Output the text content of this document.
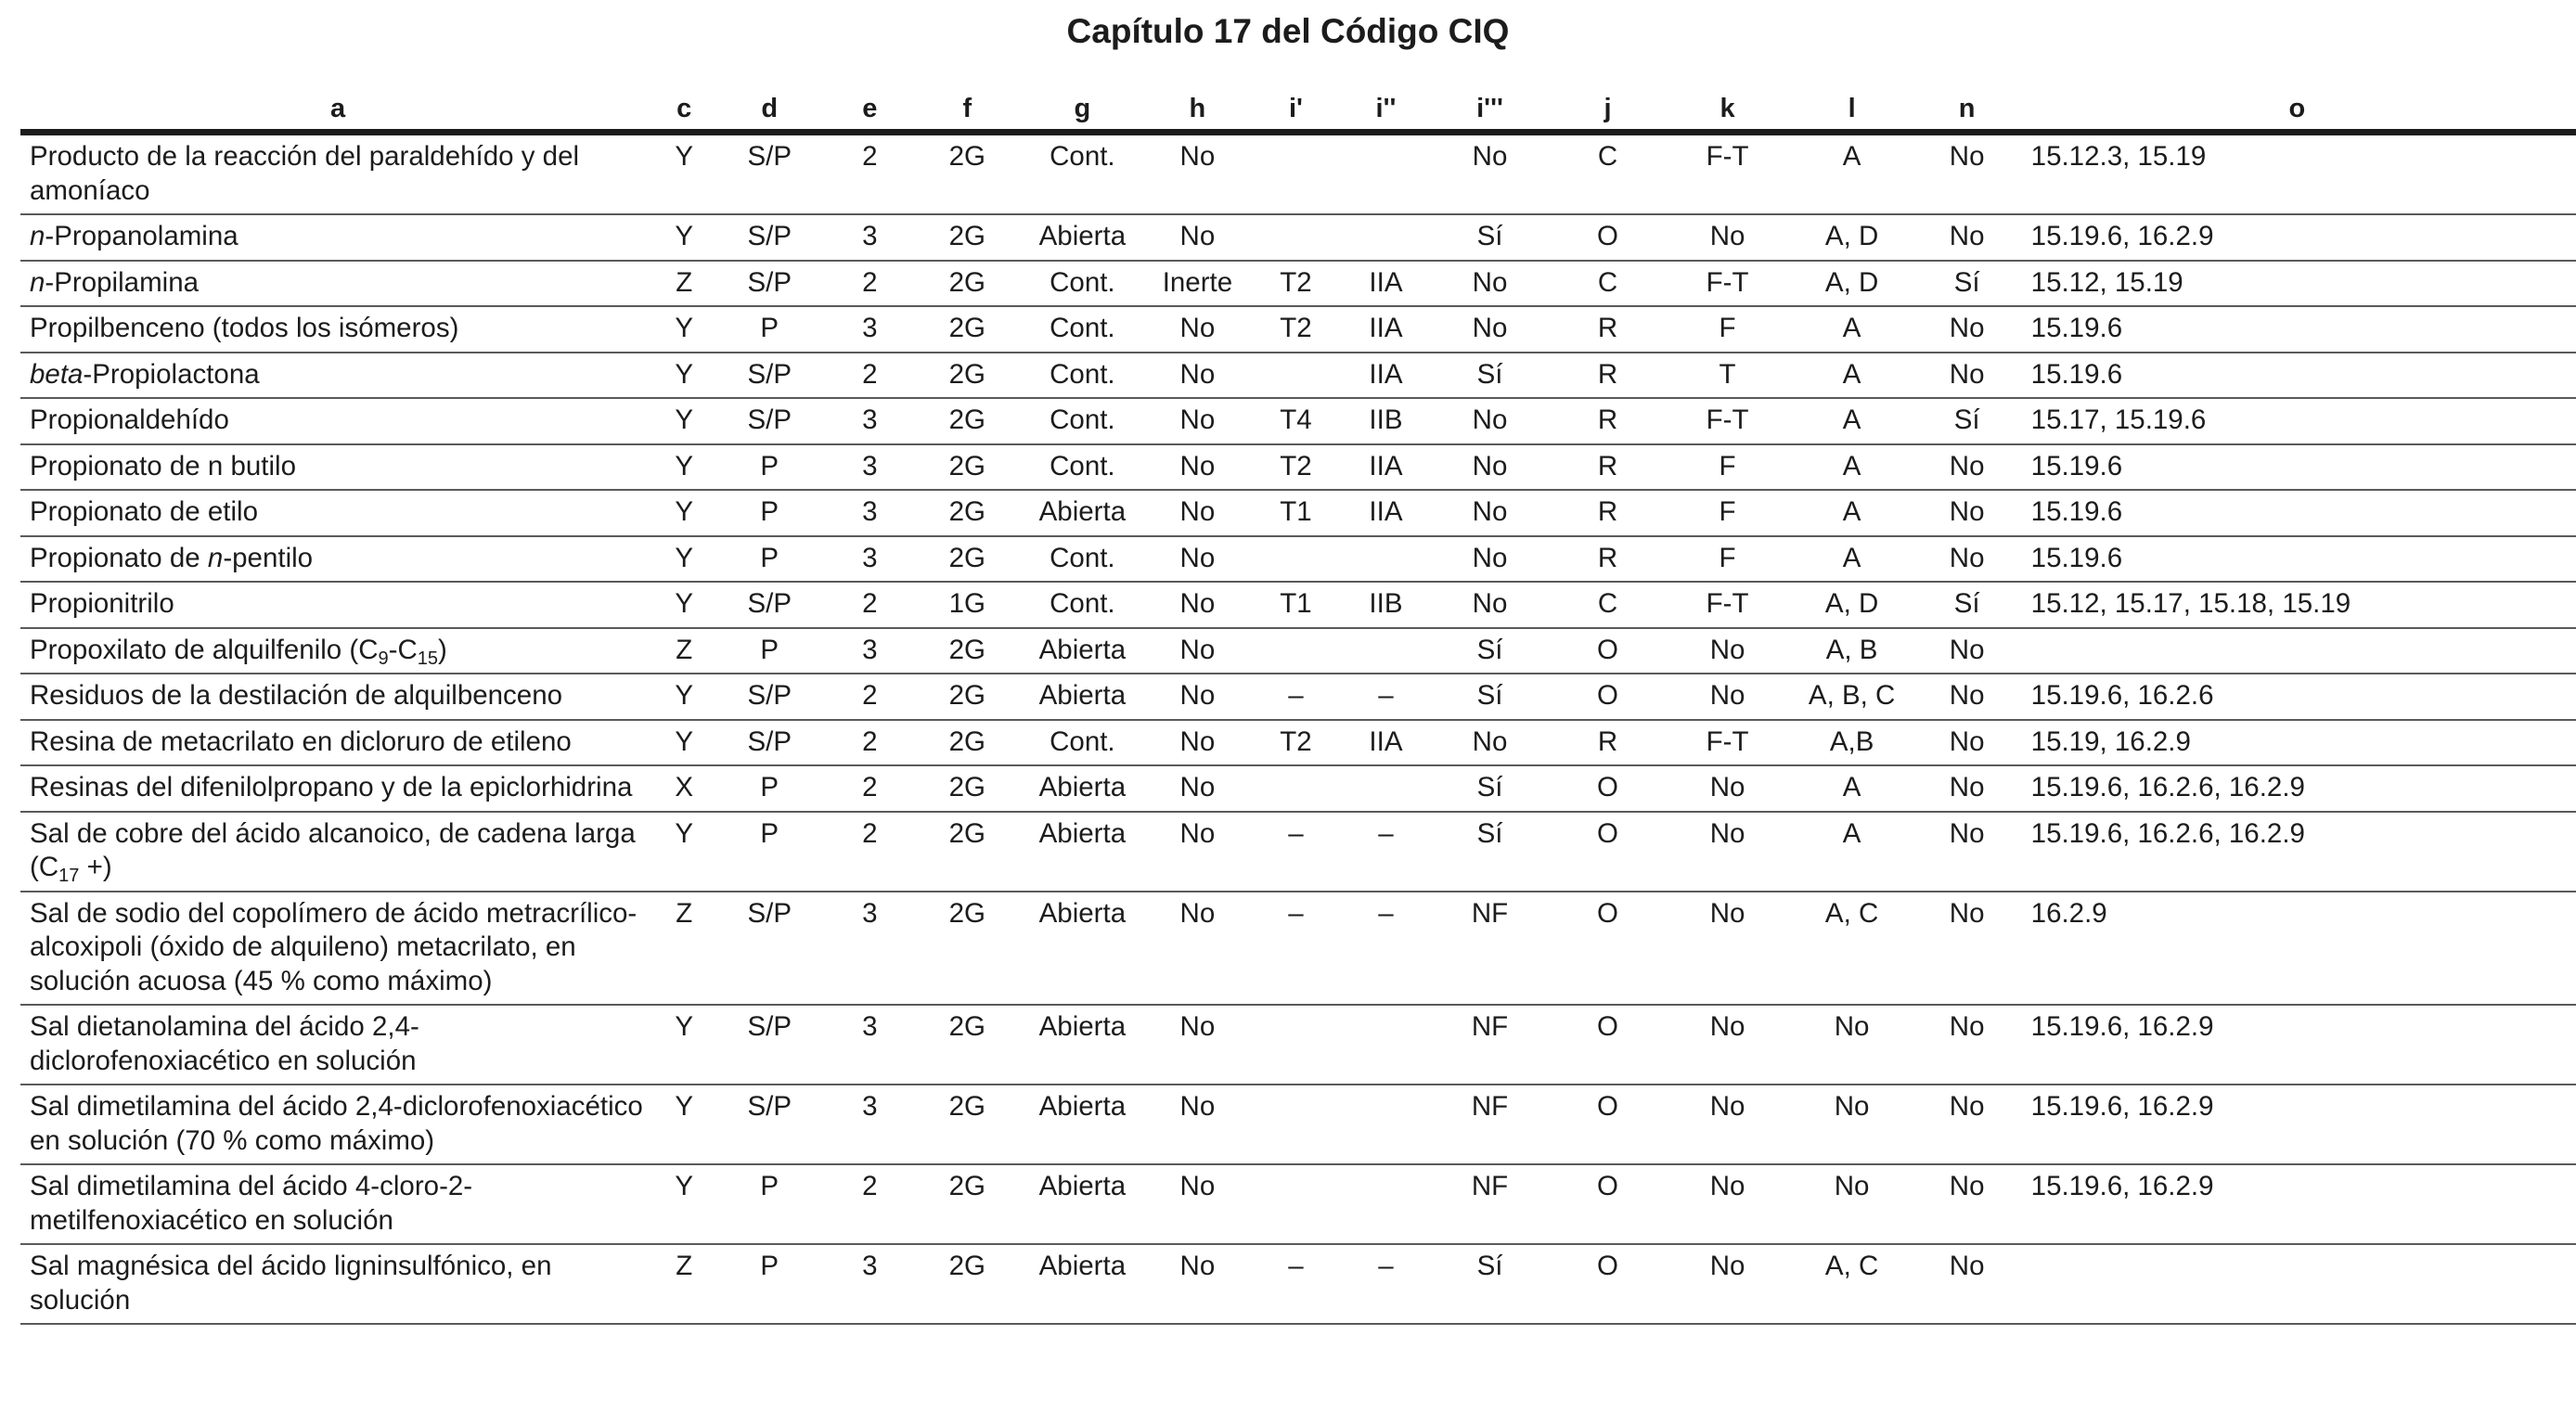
Capítulo 17 del Código CIQ
a	c	d	e	f	g	h	i'	i''	i'''	j	k	l	n	o
Producto de la reacción del paraldehído y del amoníaco	Y	S/P	2	2G	Cont.	No			No	C	F-T	A	No	15.12.3, 15.19
n-Propanolamina	Y	S/P	3	2G	Abierta	No			Sí	O	No	A, D	No	15.19.6, 16.2.9
n-Propilamina	Z	S/P	2	2G	Cont.	Inerte	T2	IIA	No	C	F-T	A, D	Sí	15.12, 15.19
Propilbenceno (todos los isómeros)	Y	P	3	2G	Cont.	No	T2	IIA	No	R	F	A	No	15.19.6
beta-Propiolactona	Y	S/P	2	2G	Cont.	No		IIA	Sí	R	T	A	No	15.19.6
Propionaldehído	Y	S/P	3	2G	Cont.	No	T4	IIB	No	R	F-T	A	Sí	15.17, 15.19.6
Propionato de n butilo	Y	P	3	2G	Cont.	No	T2	IIA	No	R	F	A	No	15.19.6
Propionato de etilo	Y	P	3	2G	Abierta	No	T1	IIA	No	R	F	A	No	15.19.6
Propionato de n-pentilo	Y	P	3	2G	Cont.	No			No	R	F	A	No	15.19.6
Propionitrilo	Y	S/P	2	1G	Cont.	No	T1	IIB	No	C	F-T	A, D	Sí	15.12, 15.17, 15.18, 15.19
Propoxilato de alquilfenilo $(C_9-C_{15})$	Z	P	3	2G	Abierta	No			Sí	O	No	A, B	No	
Residuos de la destilación de alquilbenceno	Y	S/P	2	2G	Abierta	No	–	–	Sí	O	No	A, B, C	No	15.19.6, 16.2.6
Resina de metacrilato en dicloruro de etileno	Y	S/P	2	2G	Cont.	No	T2	IIA	No	R	F-T	A,B	No	15.19, 16.2.9
Resinas del difenilolpropano y de la epiclorhidrina	X	P	2	2G	Abierta	No			Sí	O	No	A	No	15.19.6, 16.2.6, 16.2.9
Sal de cobre del ácido alcanoico, de cadena larga ($C_{17}$ +)	Y	P	2	2G	Abierta	No	–	–	Sí	O	No	A	No	15.19.6, 16.2.6, 16.2.9
Sal de sodio del copolímero de ácido metracrílico-alcoxipoli (óxido de alquileno) metacrilato, en solución acuosa (45 % como máximo)	Z	S/P	3	2G	Abierta	No	–	–	NF	O	No	A, C	No	16.2.9
Sal dietanolamina del ácido 2,4-diclorofenoxiacético en solución	Y	S/P	3	2G	Abierta	No			NF	O	No	No	No	15.19.6, 16.2.9
Sal dimetilamina del ácido 2,4-diclorofenoxiacético en solución (70 % como máximo)	Y	S/P	3	2G	Abierta	No			NF	O	No	No	No	15.19.6, 16.2.9
Sal dimetilamina del ácido 4-cloro-2-metilfenoxiacético en solución	Y	P	2	2G	Abierta	No			NF	O	No	No	No	15.19.6, 16.2.9
Sal magnésica del ácido ligninsulfónico, en solución	Z	P	3	2G	Abierta	No	–	–	Sí	O	No	A, C	No	
